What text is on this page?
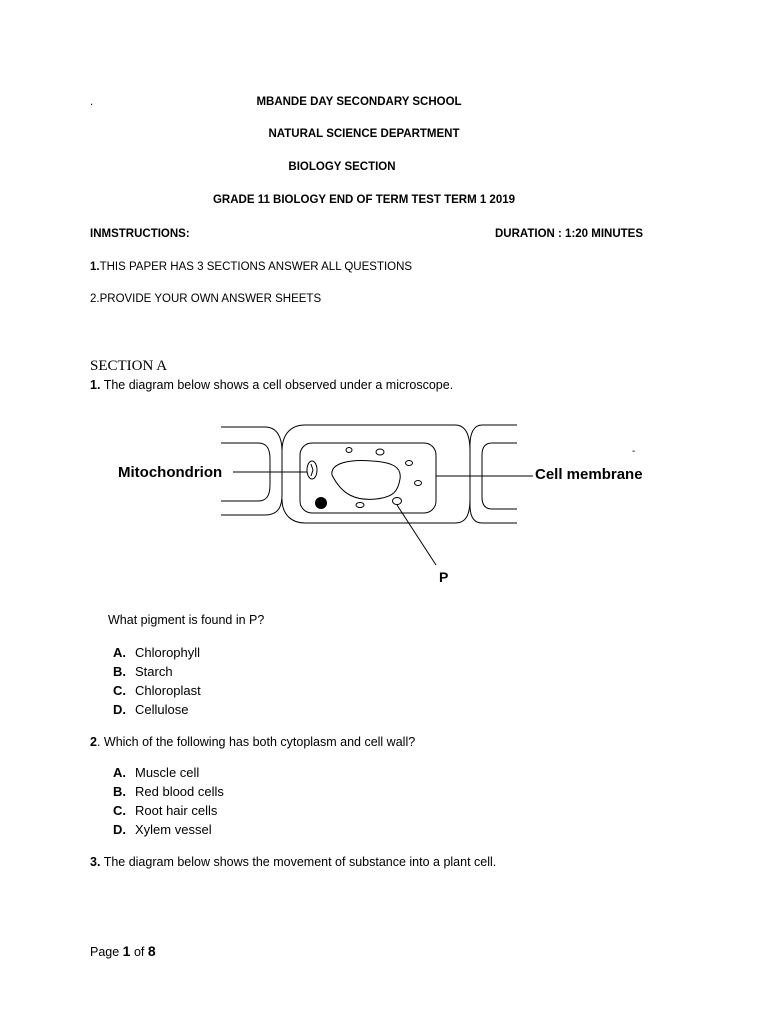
.	MBANDE DAY SECONDARY SCHOOL
NATURAL SCIENCE DEPARTMENT
BIOLOGY SECTION
GRADE 11 BIOLOGY END OF TERM TEST TERM 1 2019
INMSTRUCTIONS:	DURATION : 1:20 MINUTES
1.THIS PAPER HAS 3 SECTIONS ANSWER ALL QUESTIONS
2.PROVIDE YOUR OWN ANSWER SHEETS
SECTION A
1. The diagram below shows a cell observed under a microscope.
Mitochondrion	Cell membrane
P
-
What pigment is found in P?
A. Chlorophyll
B. Starch
C. Chloroplast
D. Cellulose
2. Which of the following has both cytoplasm and cell wall?
A. Muscle cell
B. Red blood cells
C. Root hair cells
D. Xylem vessel
3. The diagram below shows the movement of substance into a plant cell.
Page 1 of 8
